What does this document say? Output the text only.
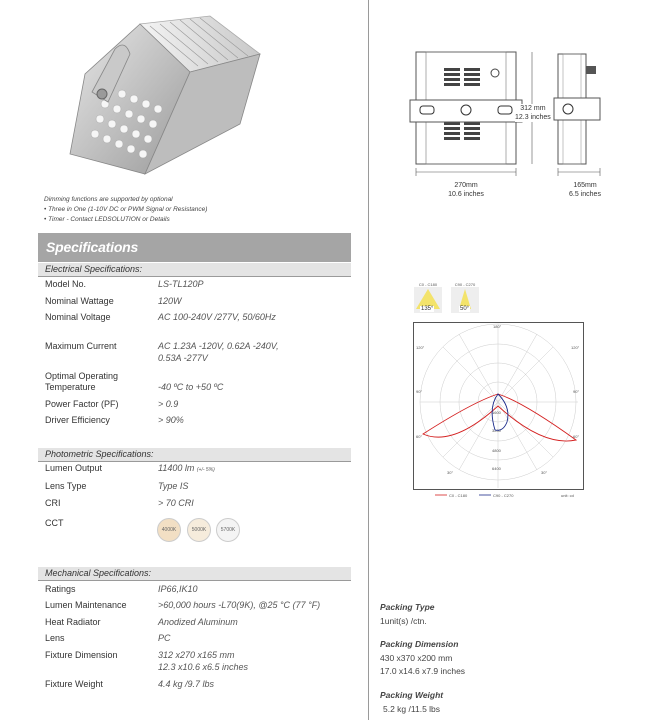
Dimming functions are supported by optional
• Three in One (1-10V DC or PWM Signal or Resistance)
• Timer - Contact LEDSOLUTION or Details
Specifications
Electrical Specifications:
Model No.	LS-TL120P
Nominal Wattage	120W
Nominal Voltage	AC 100-240V /277V, 50/60Hz
Maximum Current	AC 1.23A -120V, 0.62A -240V,
0.53A -277V
Optimal Operating
Temperature	-40 ºC to +50 ºC
Power Factor (PF)	> 0.9
Driver Efficiency	> 90%
Photometric Specifications:
Lumen Output	11400 lm (+/- 5%)
Lens Type	Type IS
CRI	> 70 CRI
CCT
4000K	5000K	5700K
Mechanical Specifications:
Ratings	IP66,IK10
Lumen Maintenance	>60,000 hours -L70(9K), @25 °C (77 °F)
Heat Radiator	Anodized Aluminum
Lens	PC
Fixture Dimension	312 x270 x165 mm
12.3 x10.6 x6.5 inches
Fixture Weight	4.4 kg /9.7 lbs
312 mm
12.3 inches
270mm
10.6 inches
165mm
6.5 inches
C0 - C180
135°
C90 - C270
50°
180°
120°	120°
90°	90°
60°	60°
30°	30°
1600
3200
4800
6400
C0 - C180	C90 - C270	unit: cd
Packing Type
1unit(s) /ctn.
Packing Dimension
430 x370 x200 mm
17.0 x14.6 x7.9 inches
Packing Weight
5.2 kg /11.5 lbs
